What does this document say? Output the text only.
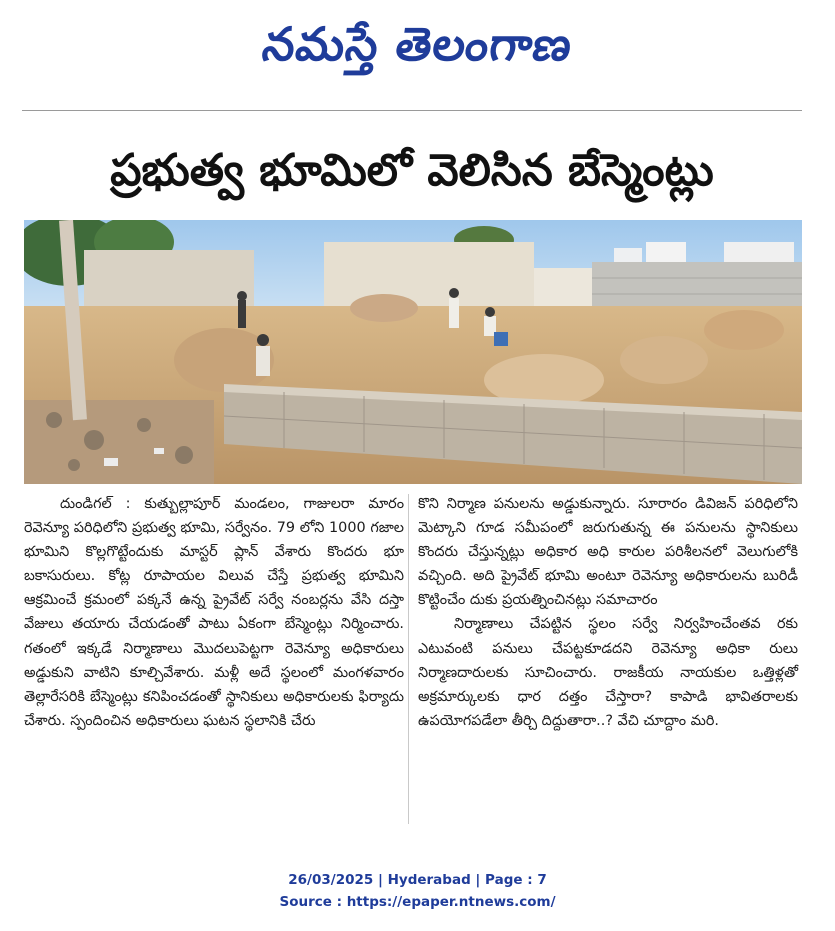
నమస్తే తెలంగాణ
ప్రభుత్వ భూమిలో వెలిసిన బేస్మెంట్లు

దుండిగల్ : కుత్బుల్లాపూర్ మండలం, గాజులరా మారం రెవెన్యూ పరిధిలోని ప్రభుత్వ భూమి, సర్వేనం. 79 లోని 1000 గజాల భూమిని కొల్లగొట్టేందుకు మాస్టర్ ప్లాన్ వేశారు కొందరు భూ బకాసురులు. కోట్ల రూపాయల విలువ చేస్తే ప్రభుత్వ భూమిని ఆక్రమించే క్రమంలో పక్కనే ఉన్న ప్రైవేట్ సర్వే నంబర్లను వేసి దస్తా వేజులు తయారు చేయడంతో పాటు ఏకంగా బేస్మెంట్లు నిర్మించారు. గతంలో ఇక్కడే నిర్మాణాలు మొదలుపెట్టగా రెవెన్యూ అధికారులు అడ్డుకుని వాటిని కూల్చివేశారు. మళ్లీ అదే స్థలంలో మంగళవారం తెల్లారేసరికి బేస్మెంట్లు కనిపించడంతో స్థానికులు అధికారులకు ఫిర్యాదు చేశారు. స్పందించిన అధికారులు ఘటన స్థలానికి చేరు

కొని నిర్మాణ పనులను అడ్డుకున్నారు. సూరారం డివిజన్ పరిధిలోని మెట్కాని గూడ సమీపంలో జరుగుతున్న ఈ పనులను స్థానికులు కొందరు చేస్తున్నట్లు అధికార అధి కారుల పరిశీలనలో వెలుగులోకి వచ్చింది. అది ప్రైవేట్ భూమి అంటూ రెవెన్యూ అధికారులను బురిడీ కొట్టించేం దుకు ప్రయత్నించినట్లు సమాచారం

నిర్మాణాలు చేపట్టిన స్థలం సర్వే నిర్వహించేంతవ రకు ఎటువంటి పనులు చేపట్టకూడదని రెవెన్యూ అధికా రులు నిర్మాణదారులకు సూచించారు. రాజకీయ నాయకుల ఒత్తిళ్లతో అక్రమార్కులకు ధార దత్తం చేస్తారా? కాపాడి భావితరాలకు ఉపయోగపడేలా తీర్చి దిద్దుతారా..? వేచి చూద్దాం మరి.

26/03/2025 | Hyderabad | Page : 7
Source : https://epaper.ntnews.com/
